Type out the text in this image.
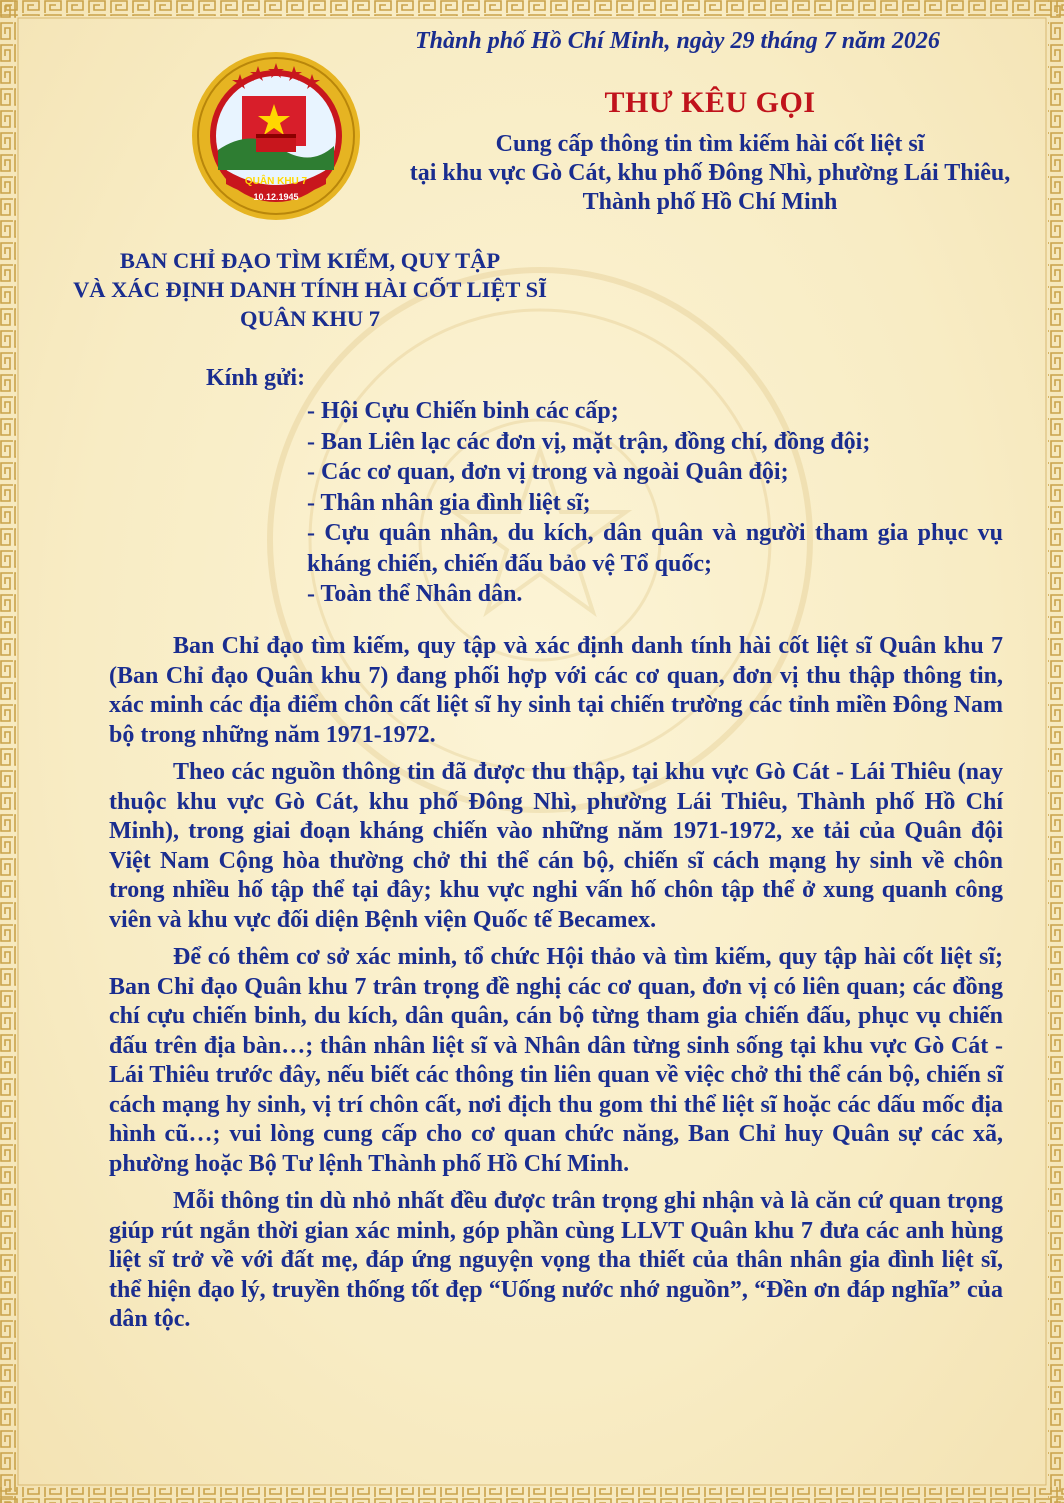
Thành phố Hồ Chí Minh, ngày 29 tháng 7 năm 2026
QUÂN KHU 7
10.12.1945
THƯ KÊU GỌI
Cung cấp thông tin tìm kiếm hài cốt liệt sĩ
tại khu vực Gò Cát, khu phố Đông Nhì, phường Lái Thiêu,
Thành phố Hồ Chí Minh
BAN CHỈ ĐẠO TÌM KIẾM, QUY TẬP
VÀ XÁC ĐỊNH DANH TÍNH HÀI CỐT LIỆT SĨ
QUÂN KHU 7
Kính gửi:
- Hội Cựu Chiến binh các cấp;
- Ban Liên lạc các đơn vị, mặt trận, đồng chí, đồng đội;
- Các cơ quan, đơn vị trong và ngoài Quân đội;
- Thân nhân gia đình liệt sĩ;
- Cựu quân nhân, du kích, dân quân và người tham gia phục vụ kháng chiến, chiến đấu bảo vệ Tổ quốc;
- Toàn thể Nhân dân.

Ban Chỉ đạo tìm kiếm, quy tập và xác định danh tính hài cốt liệt sĩ Quân khu 7 (Ban Chỉ đạo Quân khu 7) đang phối hợp với các cơ quan, đơn vị thu thập thông tin, xác minh các địa điểm chôn cất liệt sĩ hy sinh tại chiến trường các tỉnh miền Đông Nam bộ trong những năm 1971-1972.

Theo các nguồn thông tin đã được thu thập, tại khu vực Gò Cát - Lái Thiêu (nay thuộc khu vực Gò Cát, khu phố Đông Nhì, phường Lái Thiêu, Thành phố Hồ Chí Minh), trong giai đoạn kháng chiến vào những năm 1971-1972, xe tải của Quân đội Việt Nam Cộng hòa thường chở thi thể cán bộ, chiến sĩ cách mạng hy sinh về chôn trong nhiều hố tập thể tại đây; khu vực nghi vấn hố chôn tập thể ở xung quanh công viên và khu vực đối diện Bệnh viện Quốc tế Becamex.

Để có thêm cơ sở xác minh, tổ chức Hội thảo và tìm kiếm, quy tập hài cốt liệt sĩ; Ban Chỉ đạo Quân khu 7 trân trọng đề nghị các cơ quan, đơn vị có liên quan; các đồng chí cựu chiến binh, du kích, dân quân, cán bộ từng tham gia chiến đấu, phục vụ chiến đấu trên địa bàn…; thân nhân liệt sĩ và Nhân dân từng sinh sống tại khu vực Gò Cát - Lái Thiêu trước đây, nếu biết các thông tin liên quan về việc chở thi thể cán bộ, chiến sĩ cách mạng hy sinh, vị trí chôn cất, nơi địch thu gom thi thể liệt sĩ hoặc các dấu mốc địa hình cũ…; vui lòng cung cấp cho cơ quan chức năng, Ban Chỉ huy Quân sự các xã, phường hoặc Bộ Tư lệnh Thành phố Hồ Chí Minh.

Mỗi thông tin dù nhỏ nhất đều được trân trọng ghi nhận và là căn cứ quan trọng giúp rút ngắn thời gian xác minh, góp phần cùng LLVT Quân khu 7 đưa các anh hùng liệt sĩ trở về với đất mẹ, đáp ứng nguyện vọng tha thiết của thân nhân gia đình liệt sĩ, thể hiện đạo lý, truyền thống tốt đẹp “Uống nước nhớ nguồn”, “Đền ơn đáp nghĩa” của dân tộc.
